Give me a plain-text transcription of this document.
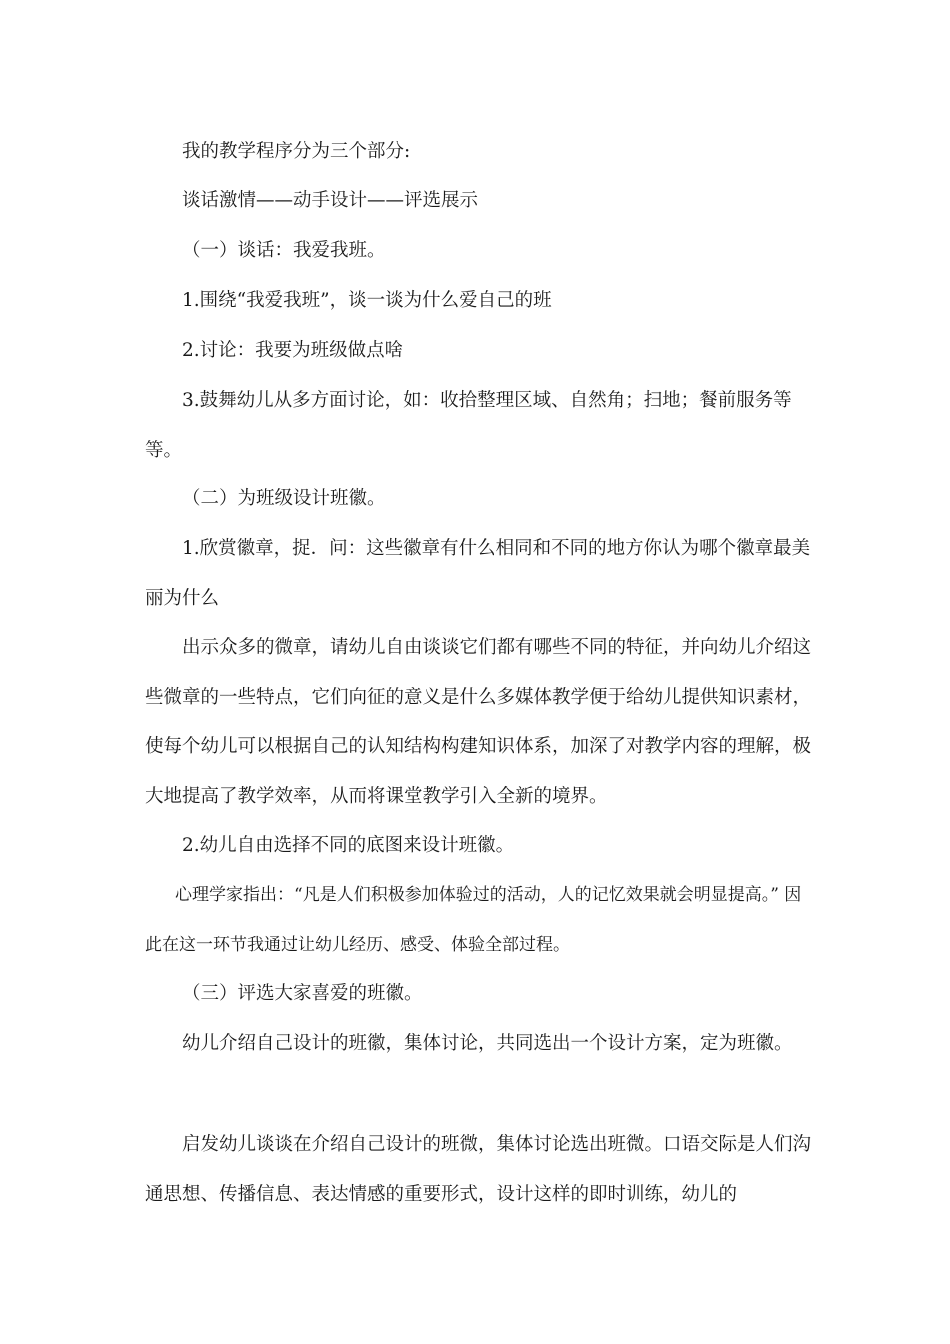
我的教学程序分为三个部分:

谈话激情——动手设计——评选展示

（一）谈话：我爱我班。

1.围绕“我爱我班”，谈一谈为什么爱自己的班

2.讨论：我要为班级做点啥

3.鼓舞幼儿从多方面讨论，如：收拾整理区域、自然角；扫地；餐前服务等等。

（二）为班级设计班徽。

1.欣赏徽章，捉．问：这些徽章有什么相同和不同的地方你认为哪个徽章最美丽为什么

出示众多的微章，请幼儿自由谈谈它们都有哪些不同的特征，并向幼儿介绍这些微章的一些特点，它们向征的意义是什么多媒体教学便于给幼儿提供知识素材，使每个幼儿可以根据自己的认知结构构建知识体系，加深了对教学内容的理解，极大地提高了教学效率，从而将课堂教学引入全新的境界。

2.幼儿自由选择不同的底图来设计班徽。

心理学家指出：“凡是人们积极参加体验过的活动，人的记忆效果就会明显提高。” 因此在这一环节我通过让幼儿经历、感受、体验全部过程。

（三）评选大家喜爱的班徽。

幼儿介绍自己设计的班徽，集体讨论，共同选出一个设计方案，定为班徽。

启发幼儿谈谈在介绍自己设计的班微，集体讨论选出班微。口语交际是人们沟通思想、传播信息、表达情感的重要形式，设计这样的即时训练，幼儿的
